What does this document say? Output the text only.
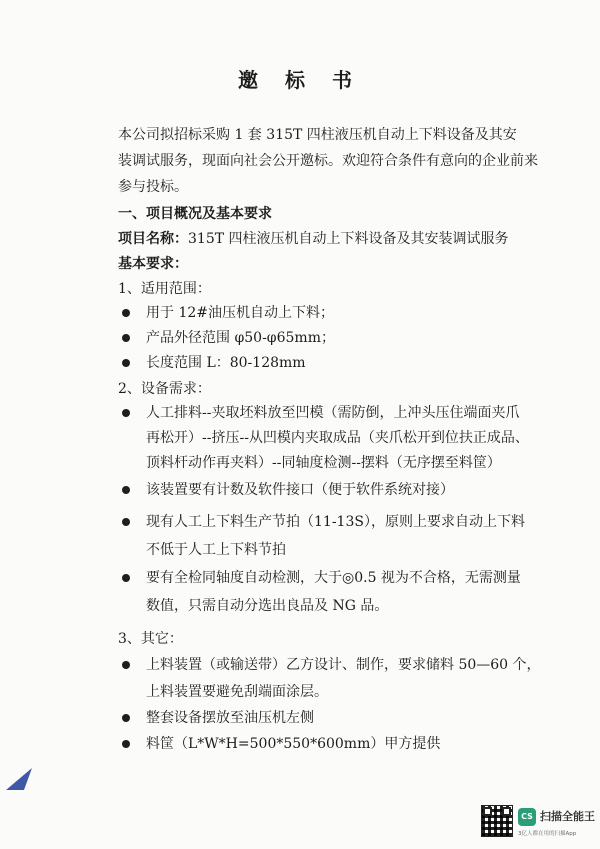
邀 标 书
本公司拟招标采购 1 套 315T 四柱液压机自动上下料设备及其安
装调试服务，现面向社会公开邀标。欢迎符合条件有意向的企业前来
参与投标。
一、项目概况及基本要求
项目名称：315T 四柱液压机自动上下料设备及其安装调试服务
基本要求：
1、适用范围：
用于 12#油压机自动上下料；
产品外径范围 φ50-φ65mm；
长度范围 L：80-128mm
2、设备需求：
人工排料--夹取坯料放至凹模（需防倒，上冲头压住端面夹爪
再松开）--挤压--从凹模内夹取成品（夹爪松开到位扶正成品、
顶料杆动作再夹料）--同轴度检测--摆料（无序摆至料筐）
该装置要有计数及软件接口（便于软件系统对接）
现有人工上下料生产节拍（11-13S），原则上要求自动上下料
不低于人工上下料节拍
要有全检同轴度自动检测，大于◎0.5 视为不合格，无需测量
数值，只需自动分选出良品及 NG 品。
3、其它：
上料装置（或输送带）乙方设计、制作，要求储料 50—60 个，
上料装置要避免刮端面涂层。
整套设备摆放至油压机左侧
料筐（L*W*H=500*550*600mm）甲方提供
CS 扫描全能王
3亿人都在用的扫描App
